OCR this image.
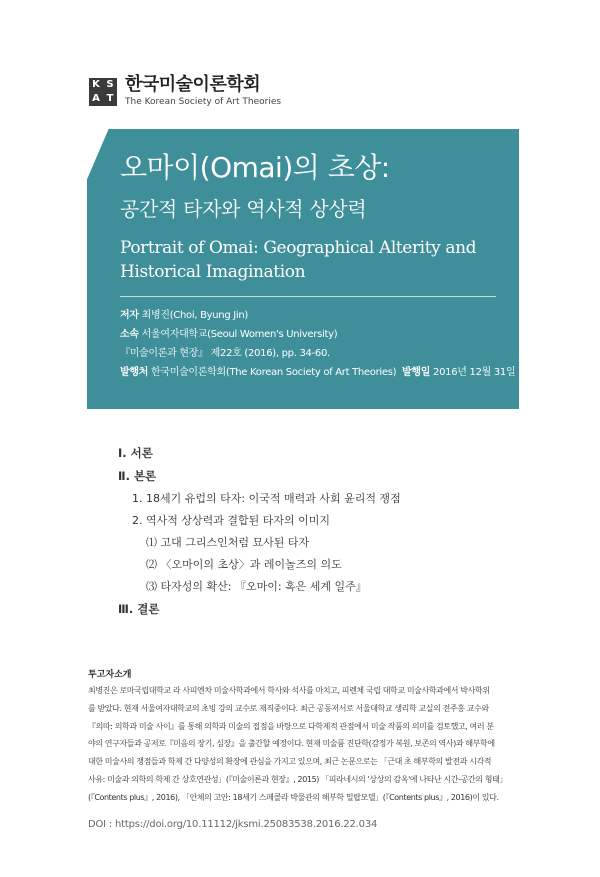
K S
A T
한국미술이론학회
The Korean Society of Art Theories
오마이(Omai)의 초상:
공간적 타자와 역사적 상상력
Portrait of Omai: Geographical Alterity and
Historical Imagination
저자 최병진(Choi, Byung Jin)
소속 서울여자대학교(Seoul Women's University)
『미술이론과 현장』 제22호 (2016), pp. 34-60.
발행처 한국미술이론학회(The Korean Society of Art Theories) 발행일 2016년 12월 31일
Ⅰ. 서론
Ⅱ. 본론
1. 18세기 유럽의 타자: 이국적 매력과 사회 윤리적 쟁점
2. 역사적 상상력과 결합된 타자의 이미지
⑴ 고대 그리스인처럼 묘사된 타자
⑵ 〈오마이의 초상〉과 레이놀즈의 의도
⑶ 타자성의 확산: 『오마이: 혹은 세계 일주』
Ⅲ. 결론
투고자소개
최병진은 로마국립대학교 라 사피엔차 미술사학과에서 학사와 석사를 마치고, 피렌체 국립 대학교 미술사학과에서 박사학위
를 받았다. 현재 서울여자대학교의 초빙 강의 교수로 재직중이다. 최근 공동저서로 서울대학교 생리학 교실의 전주홍 교수와
『의따: 의학과 미술 사이』를 통해 의학과 미술의 접점을 바탕으로 다학제적 관점에서 미술 작품의 의미를 검토했고, 여러 분
야의 연구자들과 공저로『미음의 장기, 심장』을 출간할 예정이다. 현재 미술품 진단학(감정가 복원, 보존의 역사)과 해부학에
대한 미술사의 쟁점들과 학제 간 다양성의 확장에 관심을 가지고 있으며, 최근 논문으로는 「근대 초 해부학의 발전과 시각적
사유: 미술과 의학의 학제 간 상호연관성」(『미술이론과 현장』, 2015) 「피라네시의 '상상의 감옥'에 나타난 시간-공간의 형태」
(『Contents plus』, 2016), 「안체의 고안: 18세기 스페콜라 박물관의 해부학 밀랍모델」(『Contents plus』, 2016)이 있다.
DOI : https://doi.org/10.11112/jksmi.25083538.2016.22.034
